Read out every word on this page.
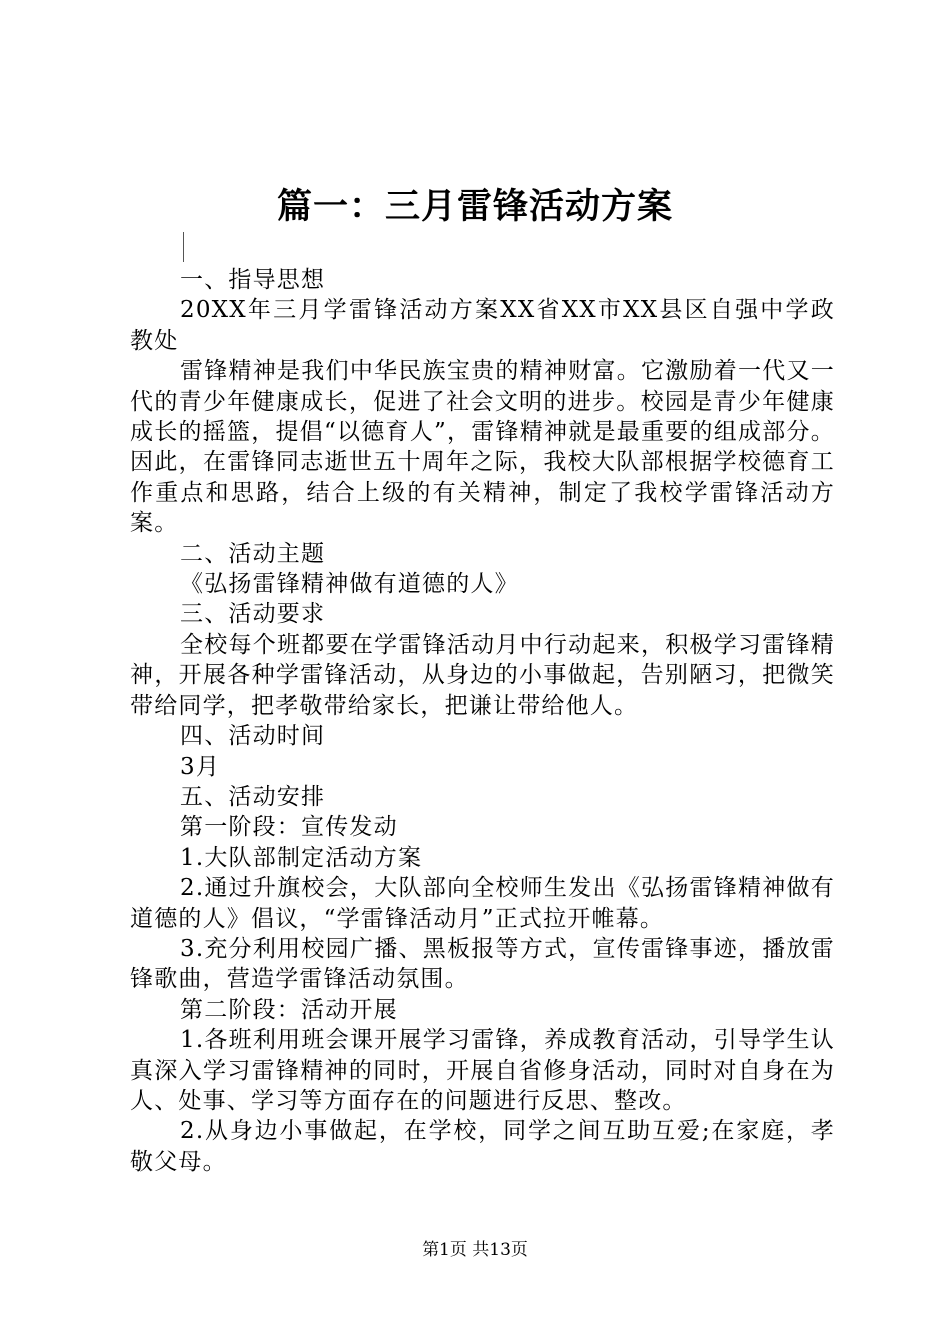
篇一：三月雷锋活动方案

一、指导思想

20XX年三月学雷锋活动方案XX省XX市XX县区自强中学政教处

雷锋精神是我们中华民族宝贵的精神财富。它激励着一代又一代的青少年健康成长，促进了社会文明的进步。校园是青少年健康成长的摇篮，提倡“以德育人”，雷锋精神就是最重要的组成部分。因此，在雷锋同志逝世五十周年之际，我校大队部根据学校德育工作重点和思路，结合上级的有关精神，制定了我校学雷锋活动方案。

二、活动主题

《弘扬雷锋精神做有道德的人》

三、活动要求

全校每个班都要在学雷锋活动月中行动起来，积极学习雷锋精神，开展各种学雷锋活动，从身边的小事做起，告别陋习，把微笑带给同学，把孝敬带给家长，把谦让带给他人。

四、活动时间

3月

五、活动安排

第一阶段：宣传发动

1.大队部制定活动方案

2.通过升旗校会，大队部向全校师生发出《弘扬雷锋精神做有道德的人》倡议，“学雷锋活动月”正式拉开帷幕。

3.充分利用校园广播、黑板报等方式，宣传雷锋事迹，播放雷锋歌曲，营造学雷锋活动氛围。

第二阶段：活动开展

1.各班利用班会课开展学习雷锋，养成教育活动，引导学生认真深入学习雷锋精神的同时，开展自省修身活动，同时对自身在为人、处事、学习等方面存在的问题进行反思、整改。

2.从身边小事做起，在学校，同学之间互助互爱;在家庭，孝敬父母。

第1页 共13页
